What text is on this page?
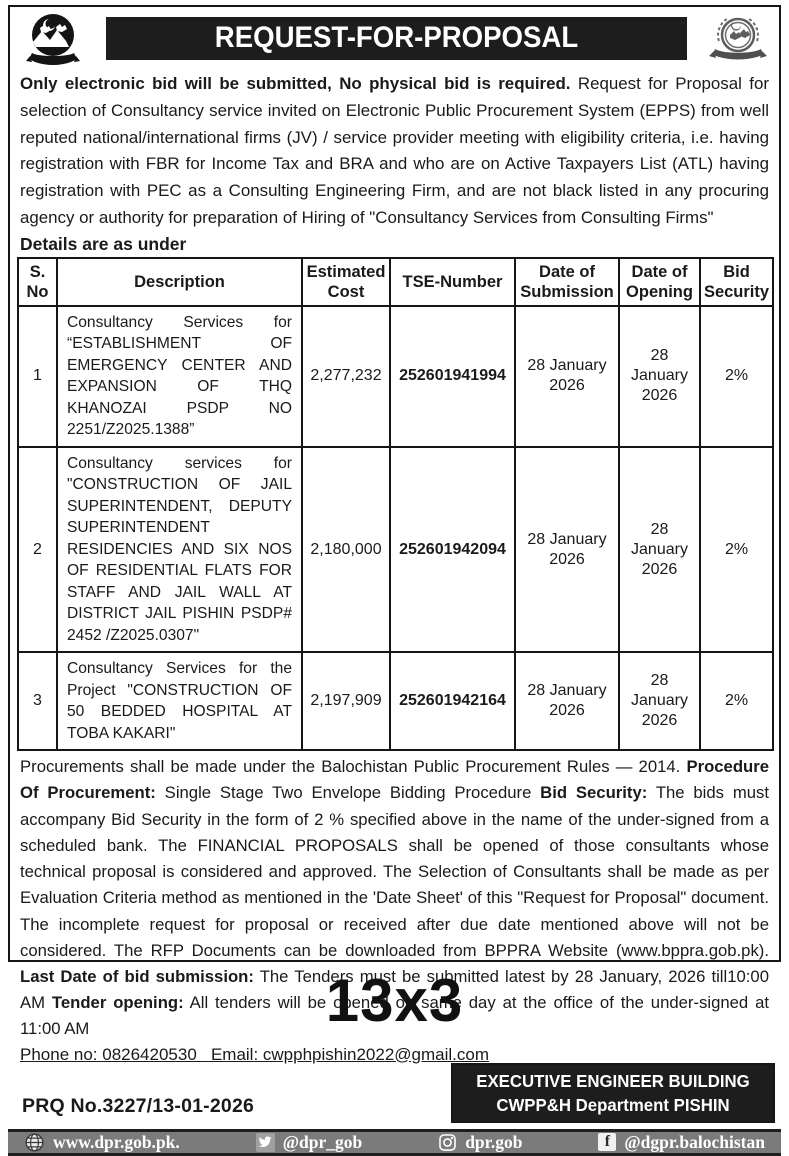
REQUEST-FOR-PROPOSAL
Only electronic bid will be submitted, No physical bid is required. Request for Proposal for selection of Consultancy service invited on Electronic Public Procurement System (EPPS) from well reputed national/international firms (JV) / service provider meeting with eligibility criteria, i.e. having registration with FBR for Income Tax and BRA and who are on Active Taxpayers List (ATL) having registration with PEC as a Consulting Engineering Firm, and are not black listed in any procuring agency or authority for preparation of Hiring of "Consultancy Services from Consulting Firms"
Details are as under
S. No	Description	Estimated Cost	TSE-Number	Date of Submission	Date of Opening	Bid Security
1	Consultancy Services for “ESTABLISHMENT OF EMERGENCY CENTER AND EXPANSION OF THQ KHANOZAI PSDP NO 2251/Z2025.1388”	2,277,232	252601941994	28 January 2026	28 January 2026	2%
2	Consultancy services for "CONSTRUCTION OF JAIL SUPERINTENDENT, DEPUTY SUPERINTENDENT RESIDENCIES AND SIX NOS OF RESIDENTIAL FLATS FOR STAFF AND JAIL WALL AT DISTRICT JAIL PISHIN PSDP# 2452 /Z2025.0307"	2,180,000	252601942094	28 January 2026	28 January 2026	2%
3	Consultancy Services for the Project "CONSTRUCTION OF 50 BEDDED HOSPITAL AT TOBA KAKARI"	2,197,909	252601942164	28 January 2026	28 January 2026	2%
Procurements shall be made under the Balochistan Public Procurement Rules — 2014. Procedure Of Procurement: Single Stage Two Envelope Bidding Procedure Bid Security: The bids must accompany Bid Security in the form of 2 % specified above in the name of the under-signed from a scheduled bank. The FINANCIAL PROPOSALS shall be opened of those consultants whose technical proposal is considered and approved. The Selection of Consultants shall be made as per Evaluation Criteria method as mentioned in the 'Date Sheet' of this "Request for Proposal" document. The incomplete request for proposal or received after due date mentioned above will not be considered. The RFP Documents can be downloaded from BPPRA Website (www.bppra.gob.pk). Last Date of bid submission: The Tenders must be submitted latest by 28 January, 2026 till10:00 AM Tender opening: All tenders will be opened on same day at the office of the under-signed at 11:00 AM
Phone no: 0826420530   Email: cwpphpishin2022@gmail.com
PRQ No.3227/13-01-2026
EXECUTIVE ENGINEER BUILDING
CWPP&H Department PISHIN
www.dpr.gob.pk.	@dpr_gob	dpr.gob	f @dgpr.balochistan
13x3
